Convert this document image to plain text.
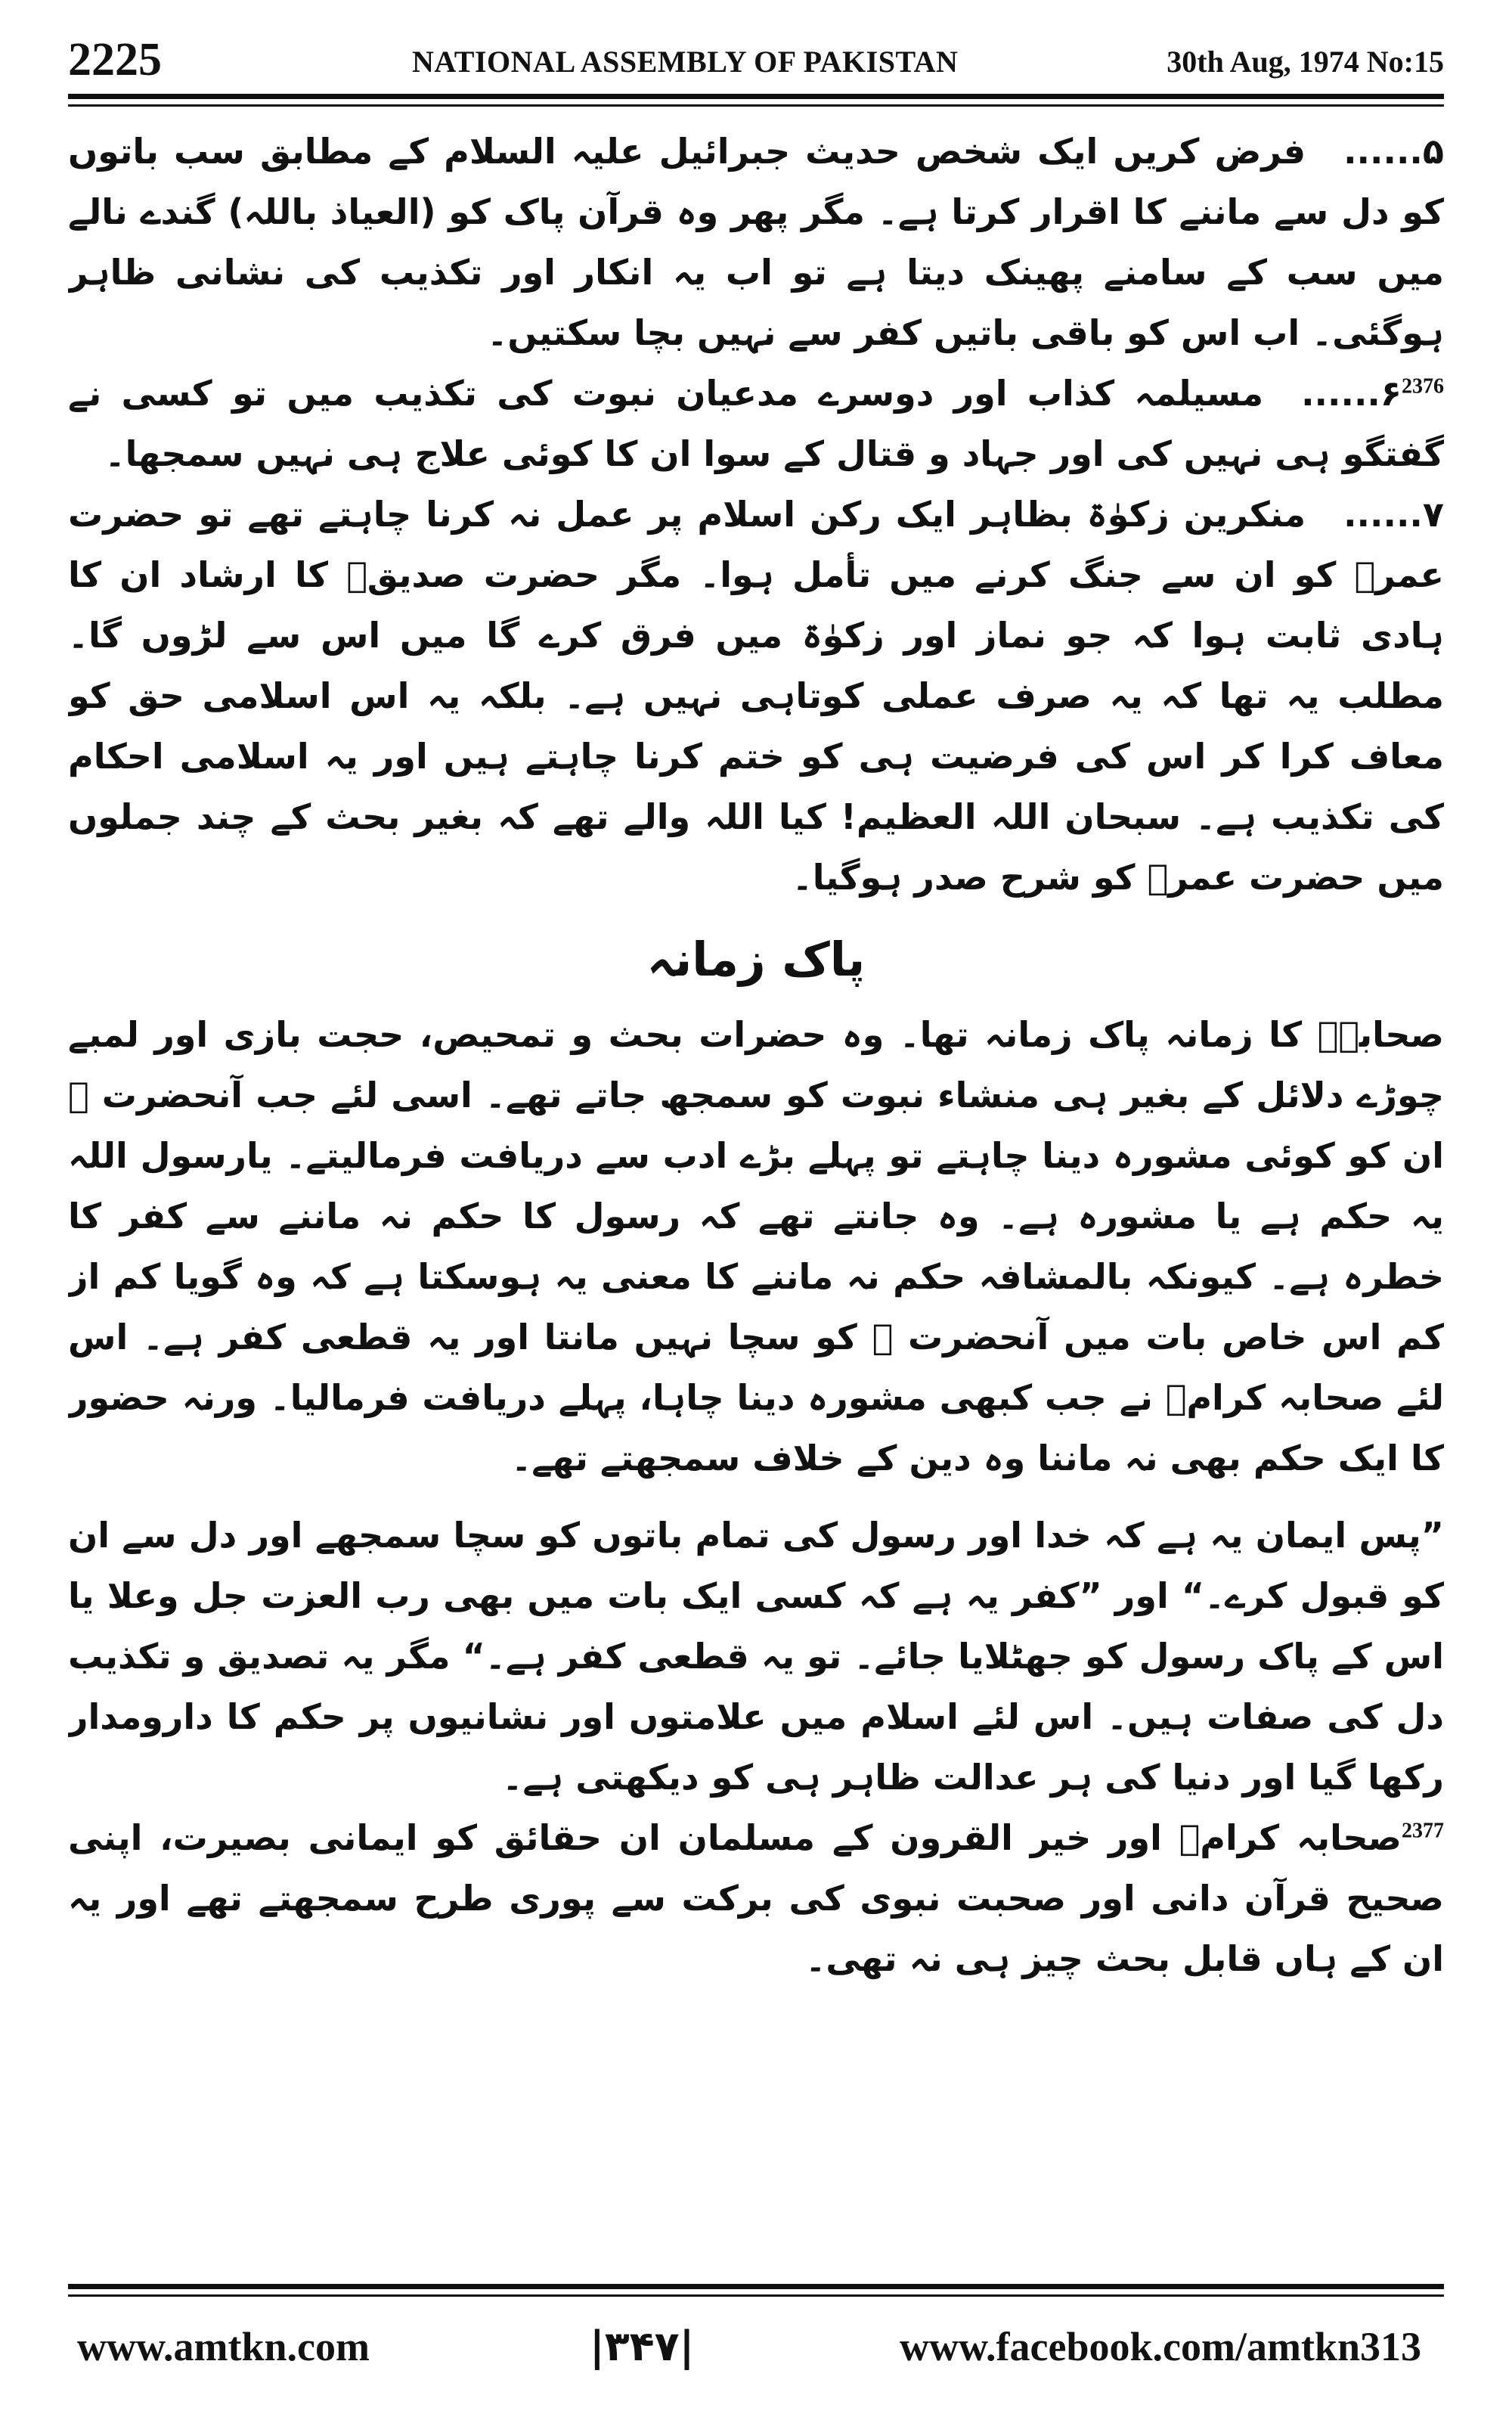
2225	NATIONAL ASSEMBLY OF PAKISTAN	30th Aug, 1974 No:15

۵......فرض کریں ایک شخص حدیث جبرائیل علیہ السلام کے مطابق سب باتوں کو دل سے ماننے کا اقرار کرتا ہے۔ مگر پھر وہ قرآن پاک کو (العیاذ باللہ) گندے نالے میں سب کے سامنے پھینک دیتا ہے تو اب یہ انکار اور تکذیب کی نشانی ظاہر ہوگئی۔ اب اس کو باقی باتیں کفر سے نہیں بچا سکتیں۔

$^{2376}$۶......مسیلمہ کذاب اور دوسرے مدعیان نبوت کی تکذیب میں تو کسی نے گفتگو ہی نہیں کی اور جہاد و قتال کے سوا ان کا کوئی علاج ہی نہیں سمجھا۔

۷......منکرین زکوٰۃ بظاہر ایک رکن اسلام پر عمل نہ کرنا چاہتے تھے تو حضرت عمرؓ کو ان سے جنگ کرنے میں تأمل ہوا۔ مگر حضرت صدیقؓ کا ارشاد ان کا ہادی ثابت ہوا کہ جو نماز اور زکوٰۃ میں فرق کرے گا میں اس سے لڑوں گا۔ مطلب یہ تھا کہ یہ صرف عملی کوتاہی نہیں ہے۔ بلکہ یہ اس اسلامی حق کو معاف کرا کر اس کی فرضیت ہی کو ختم کرنا چاہتے ہیں اور یہ اسلامی احکام کی تکذیب ہے۔ سبحان اللہ العظیم! کیا اللہ والے تھے کہ بغیر بحث کے چند جملوں میں حضرت عمرؓ کو شرح صدر ہوگیا۔

پاک زمانہ

صحابہؓ کا زمانہ پاک زمانہ تھا۔ وہ حضرات بحث و تمحیص، حجت بازی اور لمبے چوڑے دلائل کے بغیر ہی منشاء نبوت کو سمجھ جاتے تھے۔ اسی لئے جب آنحضرت ﷺ ان کو کوئی مشورہ دینا چاہتے تو پہلے بڑے ادب سے دریافت فرمالیتے۔ یارسول اللہ یہ حکم ہے یا مشورہ ہے۔ وہ جانتے تھے کہ رسول کا حکم نہ ماننے سے کفر کا خطرہ ہے۔ کیونکہ بالمشافہ حکم نہ ماننے کا معنی یہ ہوسکتا ہے کہ وہ گویا کم از کم اس خاص بات میں آنحضرت ﷺ کو سچا نہیں مانتا اور یہ قطعی کفر ہے۔ اس لئے صحابہ کرامؓ نے جب کبھی مشورہ دینا چاہا، پہلے دریافت فرمالیا۔ ورنہ حضور کا ایک حکم بھی نہ ماننا وہ دین کے خلاف سمجھتے تھے۔

”پس ایمان یہ ہے کہ خدا اور رسول کی تمام باتوں کو سچا سمجھے اور دل سے ان کو قبول کرے۔“ اور ”کفر یہ ہے کہ کسی ایک بات میں بھی رب العزت جل وعلا یا اس کے پاک رسول کو جھٹلایا جائے۔ تو یہ قطعی کفر ہے۔“ مگر یہ تصدیق و تکذیب دل کی صفات ہیں۔ اس لئے اسلام میں علامتوں اور نشانیوں پر حکم کا دارومدار رکھا گیا اور دنیا کی ہر عدالت ظاہر ہی کو دیکھتی ہے۔

$^{2377}$صحابہ کرامؓ اور خیر القرون کے مسلمان ان حقائق کو ایمانی بصیرت، اپنی صحیح قرآن دانی اور صحبت نبوی کی برکت سے پوری طرح سمجھتے تھے اور یہ ان کے ہاں قابل بحث چیز ہی نہ تھی۔

www.amtkn.com	|۳۴۷|	www.facebook.com/amtkn313
